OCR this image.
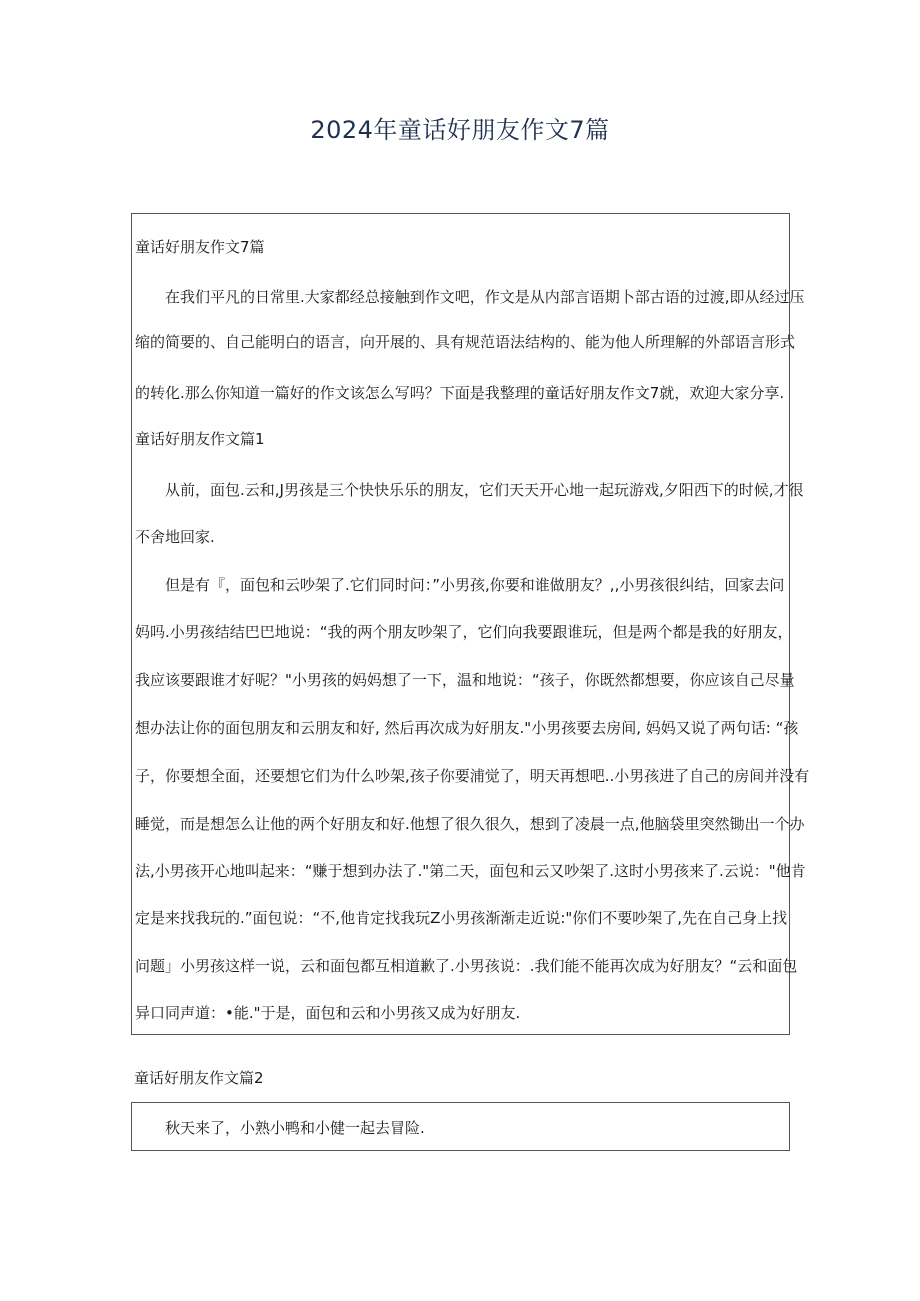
2024年童话好朋友作文7篇

童话好朋友作文7篇

在我们平凡的日常里.大家都经总接触到作文吧，作文是从内部言语期卜部古语的过渡,即从经过压

缩的简要的、自己能明白的语言，向开展的、具有规范语法结构的、能为他人所理解的外部语言形式

的转化.那么你知道一篇好的作文该怎么写吗？下面是我整理的童话好朋友作文7就，欢迎大家分享.

童话好朋友作文篇1

从前，面包.云和,J男孩是三个快快乐乐的朋友，它们天天开心地一起玩游戏,夕阳西下的时候,才很

不舍地回家.

但是有『，面包和云吵架了.它们同时问：”小男孩,你要和谁做朋友？,,小男孩很纠结，回家去问

妈吗.小男孩结结巴巴地说：“我的两个朋友吵架了，它们向我要跟谁玩，但是两个都是我的好朋友，

我应该要跟谁才好呢？"小男孩的妈妈想了一下，温和地说：“孩子，你既然都想要，你应该自己尽量

想办法让你的面包朋友和云朋友和好, 然后再次成为好朋友."小男孩要去房间, 妈妈又说了两句话: “孩

子，你要想全面，还要想它们为什么吵架,孩子你要浦觉了，明天再想吧..小男孩进了自己的房间并没有

睡觉，而是想怎么让他的两个好朋友和好.他想了很久很久，想到了凌晨一点,他脑袋里突然锄出一个办

法,小男孩开心地叫起来：“赚于想到办法了."第二天，面包和云又吵架了.这时小男孩来了.云说："他肯

定是来找我玩的.”面包说：“不,他肯定找我玩Z小男孩渐渐走近说:"你们不要吵架了,先在自己身上找

问题」小男孩这样一说，云和面包都互相道歉了.小男孩说：.我们能不能再次成为好朋友？“云和面包

异口同声道：•能."于是，面包和云和小男孩又成为好朋友.

童话好朋友作文篇2

秋天来了，小熟小鸭和小健一起去冒险.
